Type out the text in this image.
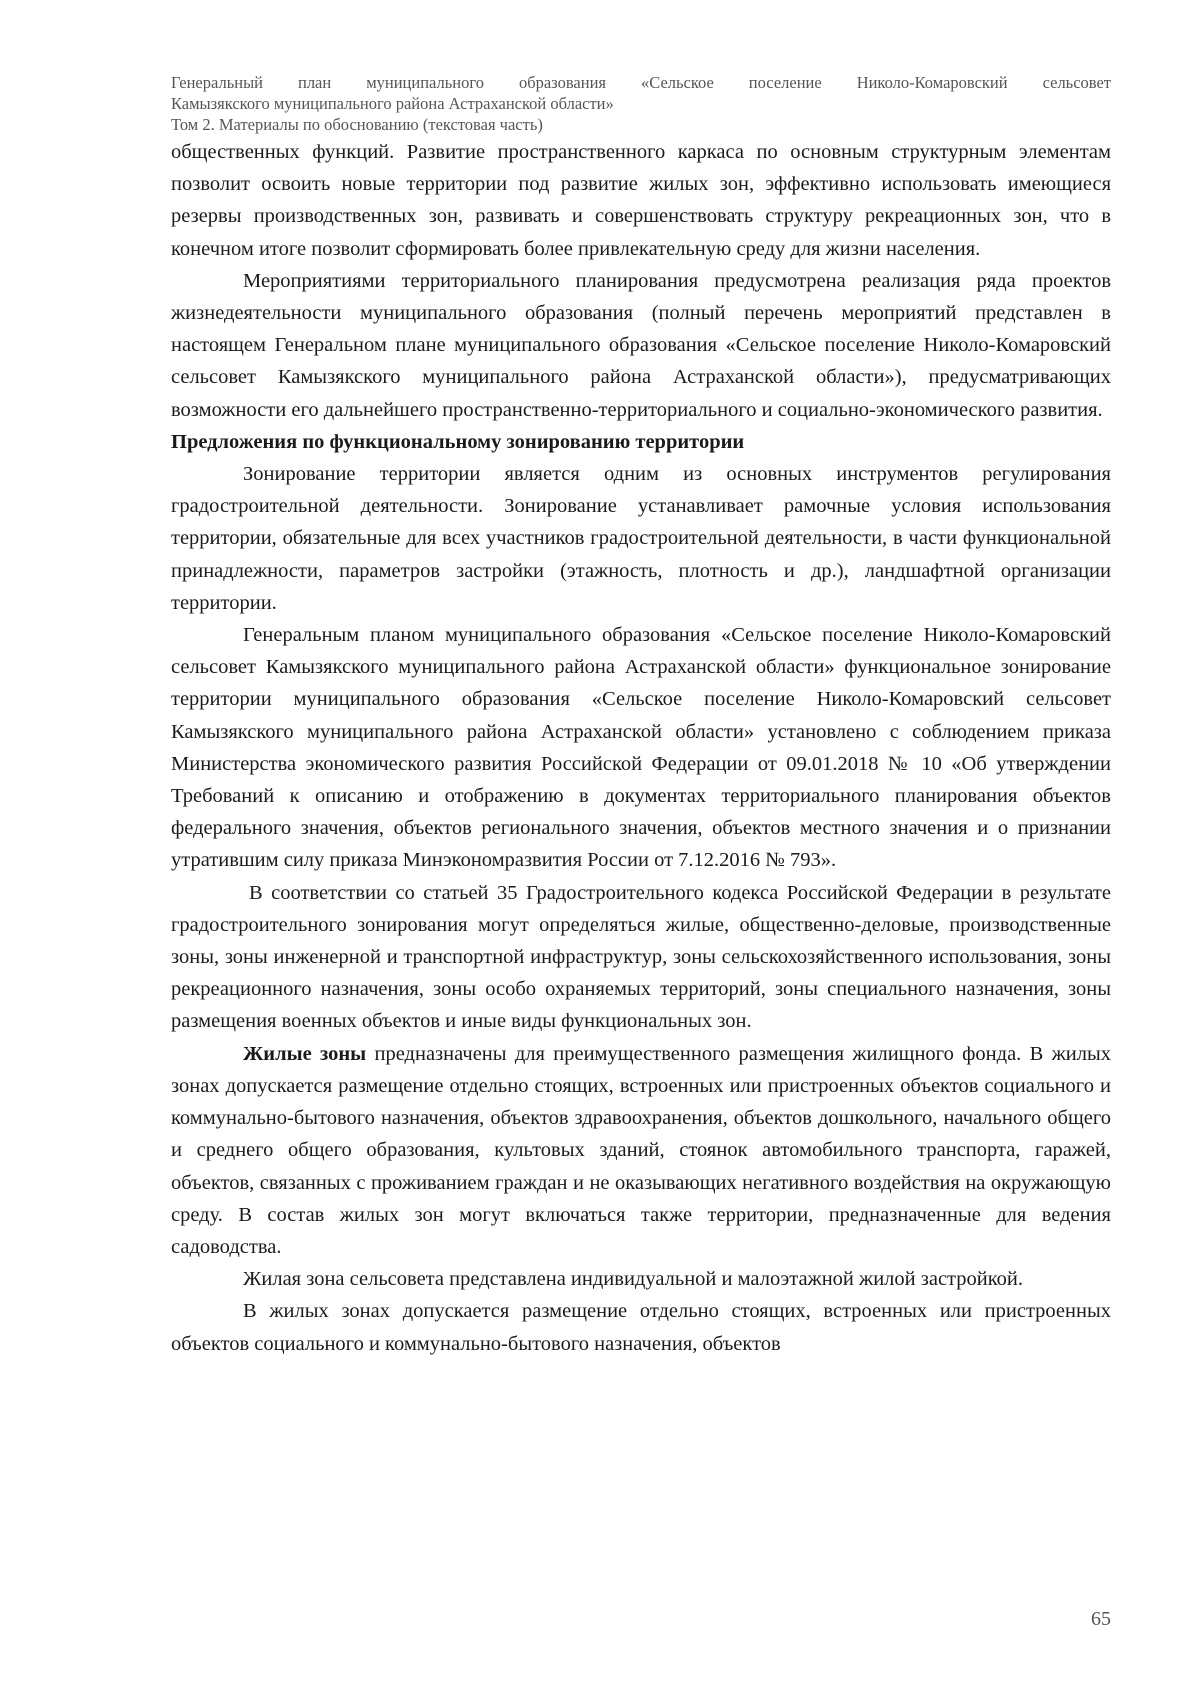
Генеральный план муниципального образования «Сельское поселение Николо-Комаровский сельсовет
Камызякского муниципального района Астраханской области»
Том 2. Материалы по обоснованию (текстовая часть)

общественных функций. Развитие пространственного каркаса по основным структурным элементам позволит освоить новые территории под развитие жилых зон, эффективно использовать имеющиеся резервы производственных зон, развивать и совершенствовать структуру рекреационных зон, что в конечном итоге позволит сформировать более привлекательную среду для жизни населения.

Мероприятиями территориального планирования предусмотрена реализация ряда проектов жизнедеятельности муниципального образования (полный перечень мероприятий представлен в настоящем Генеральном плане муниципального образования «Сельское поселение Николо-Комаровский сельсовет Камызякского муниципального района Астраханской области»), предусматривающих возможности его дальнейшего пространственно-территориального и социально-экономического развития.

Предложения по функциональному зонированию территории

Зонирование территории является одним из основных инструментов регулирования градостроительной деятельности. Зонирование устанавливает рамочные условия использования территории, обязательные для всех участников градостроительной деятельности, в части функциональной принадлежности, параметров застройки (этажность, плотность и др.), ландшафтной организации территории.

Генеральным планом муниципального образования «Сельское поселение Николо-Комаровский сельсовет Камызякского муниципального района Астраханской области» функциональное зонирование территории муниципального образования «Сельское поселение Николо-Комаровский сельсовет Камызякского муниципального района Астраханской области» установлено с соблюдением приказа Министерства экономического развития Российской Федерации от 09.01.2018 № 10 «Об утверждении Требований к описанию и отображению в документах территориального планирования объектов федерального значения, объектов регионального значения, объектов местного значения и о признании утратившим силу приказа Минэкономразвития России от 7.12.2016 № 793».

В соответствии со статьей 35 Градостроительного кодекса Российской Федерации в результате градостроительного зонирования могут определяться жилые, общественно-деловые, производственные зоны, зоны инженерной и транспортной инфраструктур, зоны сельскохозяйственного использования, зоны рекреационного назначения, зоны особо охраняемых территорий, зоны специального назначения, зоны размещения военных объектов и иные виды функциональных зон.

Жилые зоны предназначены для преимущественного размещения жилищного фонда. В жилых зонах допускается размещение отдельно стоящих, встроенных или пристроенных объектов социального и коммунально-бытового назначения, объектов здравоохранения, объектов дошкольного, начального общего и среднего общего образования, культовых зданий, стоянок автомобильного транспорта, гаражей, объектов, связанных с проживанием граждан и не оказывающих негативного воздействия на окружающую среду. В состав жилых зон могут включаться также территории, предназначенные для ведения садоводства.

Жилая зона сельсовета представлена индивидуальной и малоэтажной жилой застройкой.

В жилых зонах допускается размещение отдельно стоящих, встроенных или пристроенных объектов социального и коммунально-бытового назначения, объектов

65
